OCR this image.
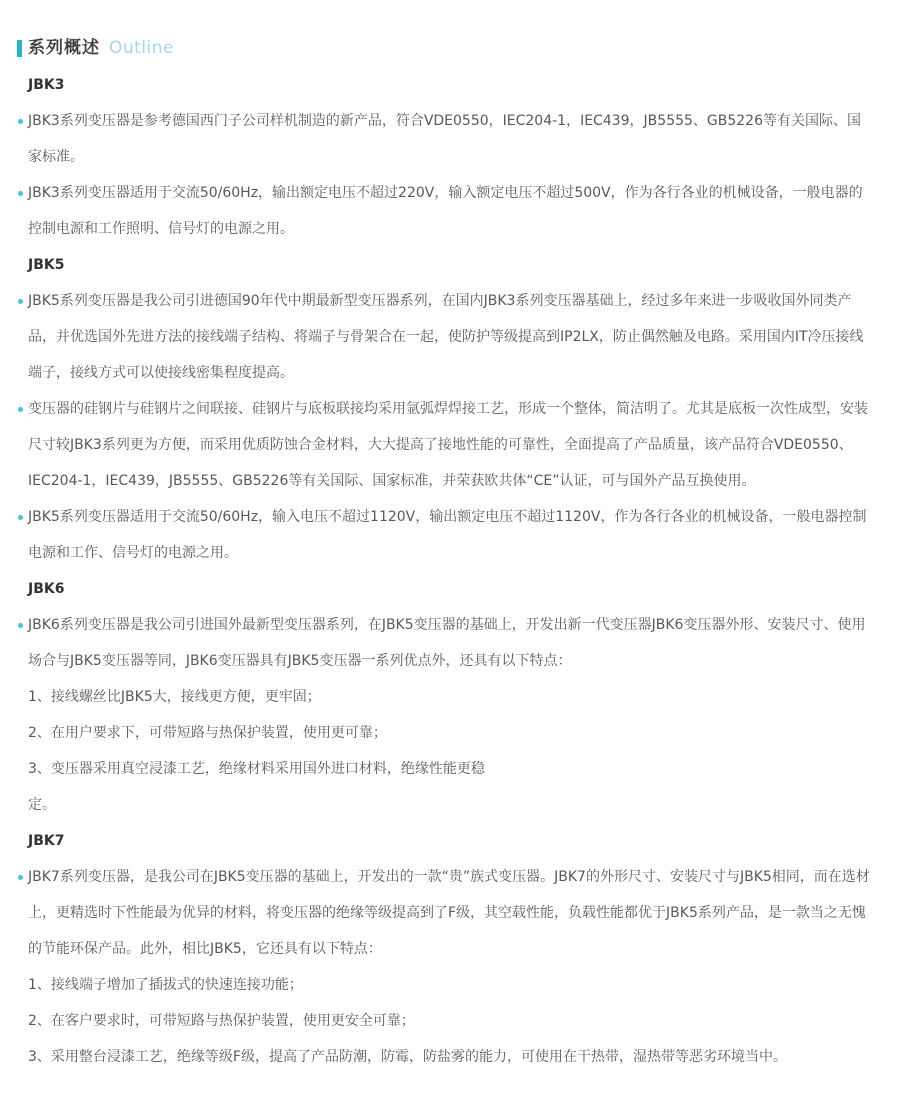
系列概述 Outline
JBK3

JBK3系列变压器是参考德国西门子公司样机制造的新产品，符合VDE0550，IEC204-1，IEC439，JB5555、GB5226等有关国际、国家标准。

JBK3系列变压器适用于交流50/60Hz，输出额定电压不超过220V，输入额定电压不超过500V，作为各行各业的机械设备，一般电器的控制电源和工作照明、信号灯的电源之用。

JBK5

JBK5系列变压器是我公司引进德国90年代中期最新型变压器系列，在国内JBK3系列变压器基础上，经过多年来进一步吸收国外同类产品，并优选国外先进方法的接线端子结构、将端子与骨架合在一起，使防护等级提高到IP2LX，防止偶然触及电路。采用国内IT冷压接线端子，接线方式可以使接线密集程度提高。

变压器的硅钢片与硅钢片之间联接、硅钢片与底板联接均采用氩弧焊焊接工艺，形成一个整体，简洁明了。尤其是底板一次性成型，安装尺寸较JBK3系列更为方便，而采用优质防蚀合金材料，大大提高了接地性能的可靠性，全面提高了产品质量，该产品符合VDE0550、IEC204-1，IEC439，JB5555、GB5226等有关国际、国家标准，并荣获欧共体“CE”认证，可与国外产品互换使用。

JBK5系列变压器适用于交流50/60Hz，输入电压不超过1120V，输出额定电压不超过1120V，作为各行各业的机械设备，一般电器控制电源和工作、信号灯的电源之用。

JBK6

JBK6系列变压器是我公司引进国外最新型变压器系列，在JBK5变压器的基础上，开发出新一代变压器JBK6变压器外形、安装尺寸、使用场合与JBK5变压器等同，JBK6变压器具有JBK5变压器一系列优点外，还具有以下特点：

1、接线螺丝比JBK5大，接线更方便，更牢固；

2、在用户要求下，可带短路与热保护装置，使用更可靠；

3、变压器采用真空浸漆工艺，绝缘材料采用国外进口材料，绝缘性能更稳

定。

JBK7

JBK7系列变压器，是我公司在JBK5变压器的基础上，开发出的一款“贵”族式变压器。JBK7的外形尺寸、安装尺寸与JBK5相同，而在选材上，更精选时下性能最为优异的材料，将变压器的绝缘等级提高到了F级，其空载性能，负载性能都优于JBK5系列产品，是一款当之无愧的节能环保产品。此外，相比JBK5，它还具有以下特点：

1、接线端子增加了插拔式的快速连接功能；

2、在客户要求时，可带短路与热保护装置，使用更安全可靠；

3、采用整台浸漆工艺，绝缘等级F级，提高了产品防潮，防霉，防盐雾的能力，可使用在干热带，湿热带等恶劣环境当中。
